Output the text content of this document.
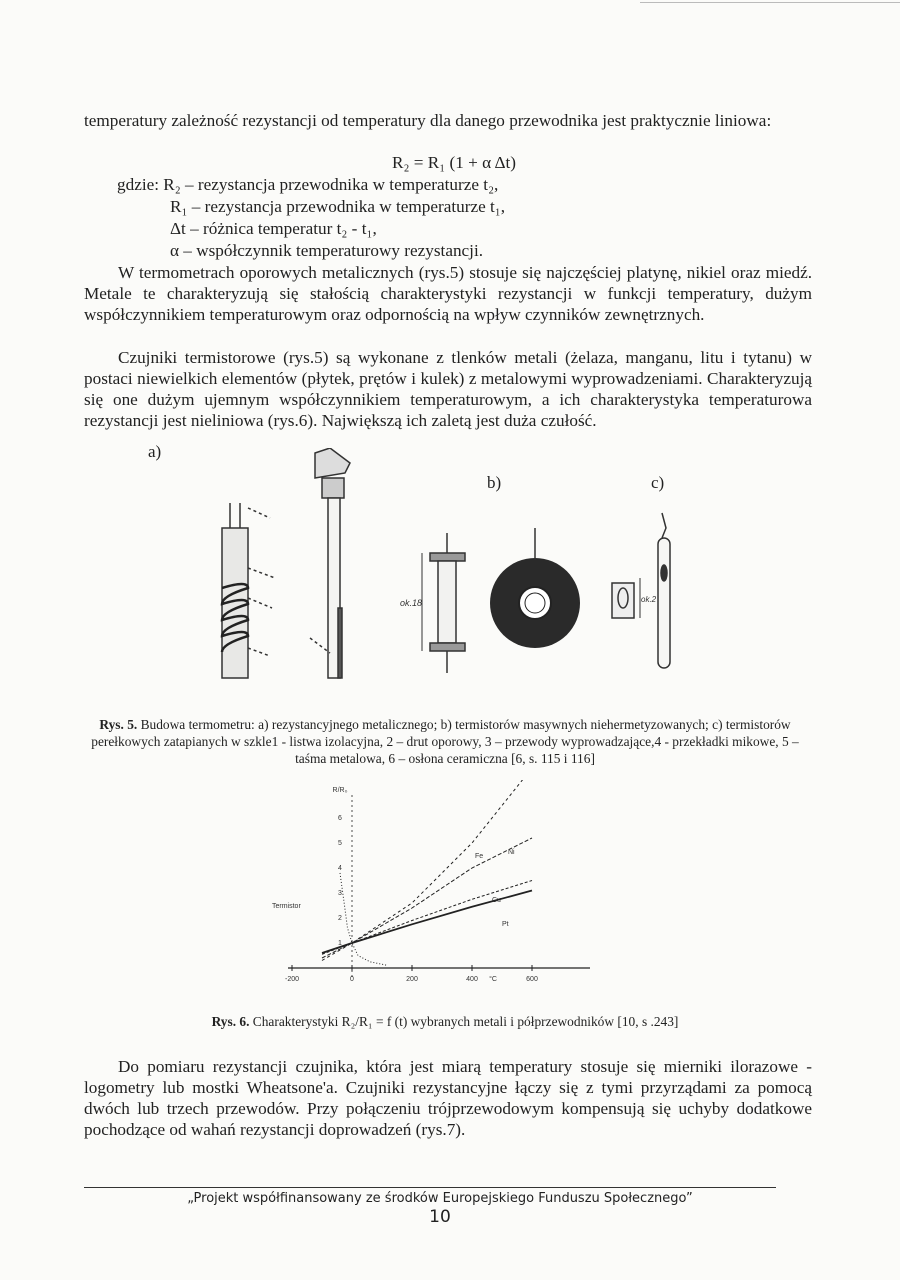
temperatury zależność rezystancji od temperatury dla danego przewodnika jest praktycznie liniowa:
R₂ = R₁ (1 + α Δt)
gdzie: R₂ – rezystancja przewodnika w temperaturze t₂,
R₁ – rezystancja przewodnika w temperaturze t₁,
Δt – różnica temperatur t₂ - t₁,
α – współczynnik temperaturowy rezystancji.
W termometrach oporowych metalicznych (rys.5) stosuje się najczęściej platynę, nikiel oraz miedź. Metale te charakteryzują się stałością charakterystyki rezystancji w funkcji temperatury, dużym współczynnikiem temperaturowym oraz odpornością na wpływ czynników zewnętrznych.
Czujniki termistorowe (rys.5) są wykonane z tlenków metali (żelaza, manganu, litu i tytanu) w postaci niewielkich elementów (płytek, prętów i kulek) z metalowymi wyprowadzeniami. Charakteryzują się one dużym ujemnym współczynnikiem temperaturowym, a ich charakterystyka temperaturowa rezystancji jest nieliniowa (rys.6). Największą ich zaletą jest duża czułość.
a)
b)	c)
ok.18	ok.2
Rys. 5. Budowa termometru: a) rezystancyjnego metalicznego; b) termistorów masywnych niehermetyzowanych; c) termistorów perełkowych zatapianych w szkle1 - listwa izolacyjna, 2 – drut oporowy, 3 – przewody wyprowadzające,4 - przekładki mikowe, 5 – taśma metalowa, 6 – osłona ceramiczna [6, s. 115 i 116]
-200	0	200	400	600
°C
1
2
3
4
5
6
R/R₀
Fe
Ni
Cu
Pt
Termistor
Rys. 6. Charakterystyki R₂/R₁ = f (t) wybranych metali i półprzewodników [10, s .243]
Do pomiaru rezystancji czujnika, która jest miarą temperatury stosuje się mierniki ilorazowe - logometry lub mostki Wheatsone'a. Czujniki rezystancyjne łączy się z tymi przyrządami za pomocą dwóch lub trzech przewodów. Przy połączeniu trójprzewodowym kompensują się uchyby dodatkowe pochodzące od wahań rezystancji doprowadzeń (rys.7).
„Projekt współfinansowany ze środków Europejskiego Funduszu Społecznego”
10
